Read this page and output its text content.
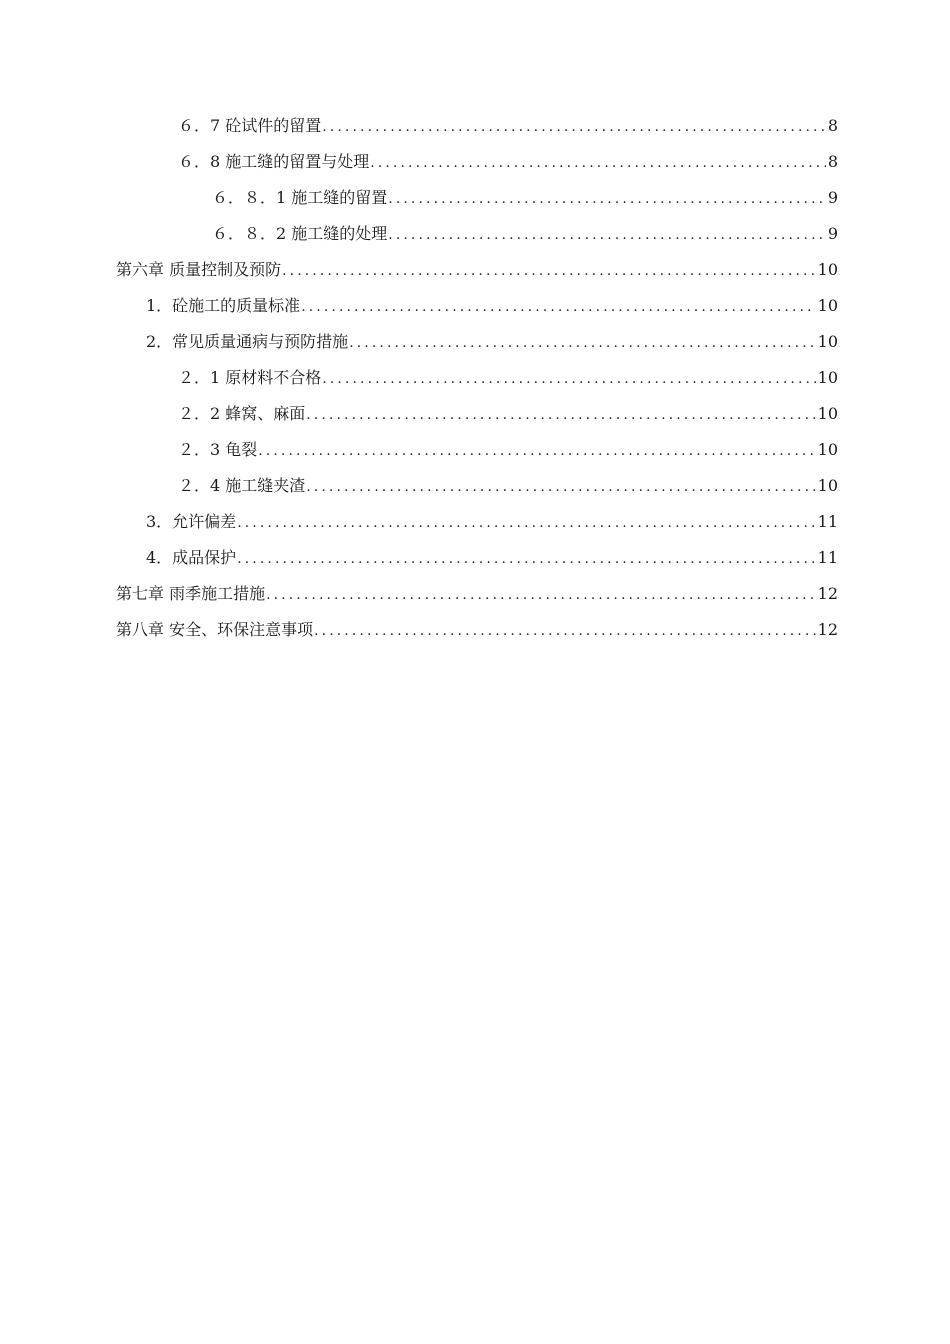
６．7 砼试件的留置 .....	8
６．8 施工缝的留置与处理 .....	8
６．８．1 施工缝的留置 .....	9
６．８．2 施工缝的处理 .....	9
第六章 质量控制及预防 .....	10
1．砼施工的质量标准 .....	10
2．常见质量通病与预防措施 .....	10
２．1 原材料不合格 .....	10
２．2 蜂窝、麻面 .....	10
２．3 龟裂 .....	10
２．4 施工缝夹渣 .....	10
3．允许偏差 .....	11
4．成品保护 .....	11
第七章 雨季施工措施 .....	12
第八章 安全、环保注意事项 .....	12
